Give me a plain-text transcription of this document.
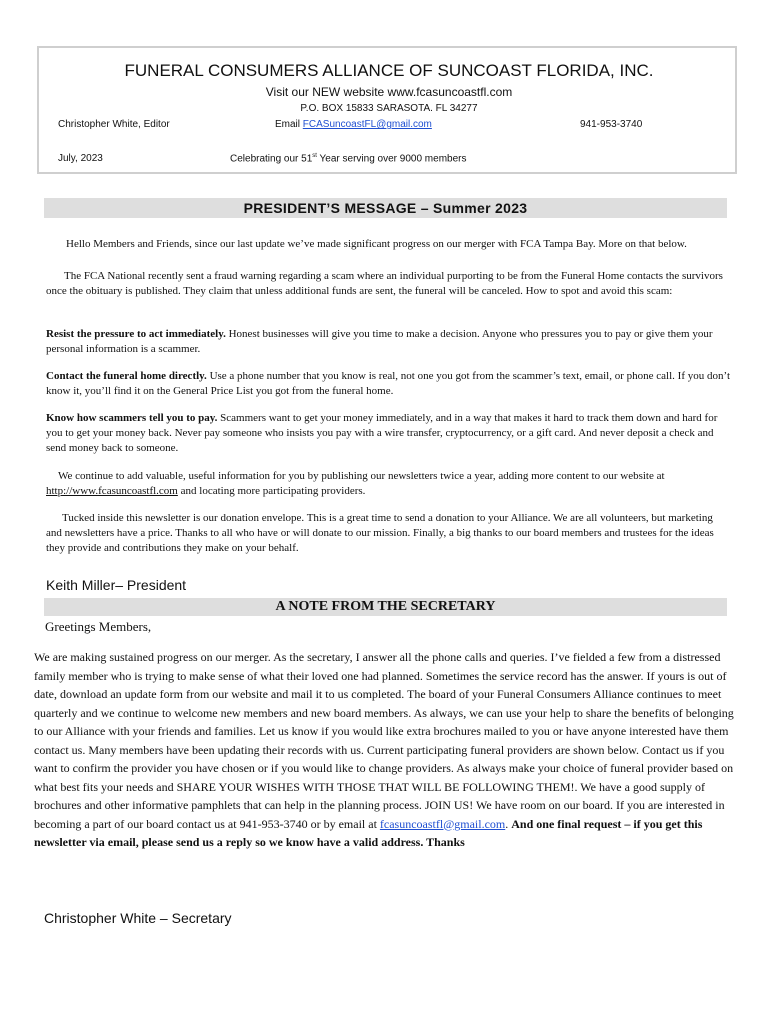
FUNERAL CONSUMERS ALLIANCE OF SUNCOAST FLORIDA, INC.
Visit our NEW website www.fcasuncoastfl.com
P.O. BOX 15833 SARASOTA. FL 34277
Christopher White, Editor	Email FCASuncoastFL@gmail.com	941-953-3740
July, 2023	Celebrating our 51st Year serving over 9000 members
PRESIDENT’S MESSAGE – Summer 2023
Hello Members and Friends, since our last update we’ve made significant progress on our merger with FCA Tampa Bay. More on that below.
The FCA National recently sent a fraud warning regarding a scam where an individual purporting to be from the Funeral Home contacts the survivors once the obituary is published. They claim that unless additional funds are sent, the funeral will be canceled. How to spot and avoid this scam:
Resist the pressure to act immediately. Honest businesses will give you time to make a decision. Anyone who pressures you to pay or give them your personal information is a scammer.
Contact the funeral home directly. Use a phone number that you know is real, not one you got from the scammer’s text, email, or phone call. If you don’t know it, you’ll find it on the General Price List you got from the funeral home.
Know how scammers tell you to pay. Scammers want to get your money immediately, and in a way that makes it hard to track them down and hard for you to get your money back. Never pay someone who insists you pay with a wire transfer, cryptocurrency, or a gift card. And never deposit a check and send money back to someone.
We continue to add valuable, useful information for you by publishing our newsletters twice a year, adding more content to our website at http://www.fcasuncoastfl.com and locating more participating providers.
Tucked inside this newsletter is our donation envelope. This is a great time to send a donation to your Alliance. We are all volunteers, but marketing and newsletters have a price. Thanks to all who have or will donate to our mission. Finally, a big thanks to our board members and trustees for the ideas they provide and contributions they make on your behalf.
Keith Miller– President
A NOTE FROM THE SECRETARY
Greetings Members,
We are making sustained progress on our merger. As the secretary, I answer all the phone calls and queries. I’ve fielded a few from a distressed family member who is trying to make sense of what their loved one had planned. Sometimes the service record has the answer. If yours is out of date, download an update form from our website and mail it to us completed. The board of your Funeral Consumers Alliance continues to meet quarterly and we continue to welcome new members and new board members. As always, we can use your help to share the benefits of belonging to our Alliance with your friends and families. Let us know if you would like extra brochures mailed to you or have anyone interested have them contact us. Many members have been updating their records with us. Current participating funeral providers are shown below. Contact us if you want to confirm the provider you have chosen or if you would like to change providers. As always make your choice of funeral provider based on what best fits your needs and SHARE YOUR WISHES WITH THOSE THAT WILL BE FOLLOWING THEM!. We have a good supply of brochures and other informative pamphlets that can help in the planning process. JOIN US! We have room on our board. If you are interested in becoming a part of our board contact us at 941-953-3740 or by email at fcasuncoastfl@gmail.com. And one final request – if you get this newsletter via email, please send us a reply so we know have a valid address. Thanks
Christopher White – Secretary
